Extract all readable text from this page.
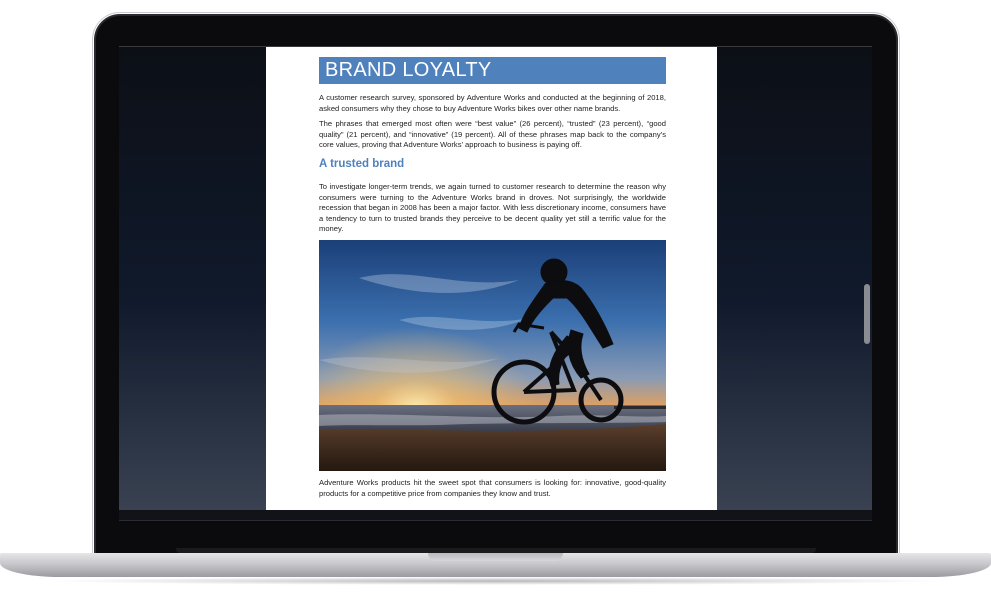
BRAND LOYALTY

A customer research survey, sponsored by Adventure Works and conducted at the beginning of 2018, asked consumers why they chose to buy Adventure Works bikes over other name brands.

The phrases that emerged most often were “best value” (26 percent), “trusted” (23 percent), “good quality” (21 percent), and “innovative” (19 percent). All of these phrases map back to the company’s core values, proving that Adventure Works’ approach to business is paying off.

A trusted brand

To investigate longer-term trends, we again turned to customer research to determine the reason why consumers were turning to the Adventure Works brand in droves. Not surprisingly, the worldwide recession that began in 2008 has been a major factor. With less discretionary income, consumers have a tendency to turn to trusted brands they perceive to be decent quality yet still a terrific value for the money.

Adventure Works products hit the sweet spot that consumers is looking for: innovative, good-quality products for a competitive price from companies they know and trust.
